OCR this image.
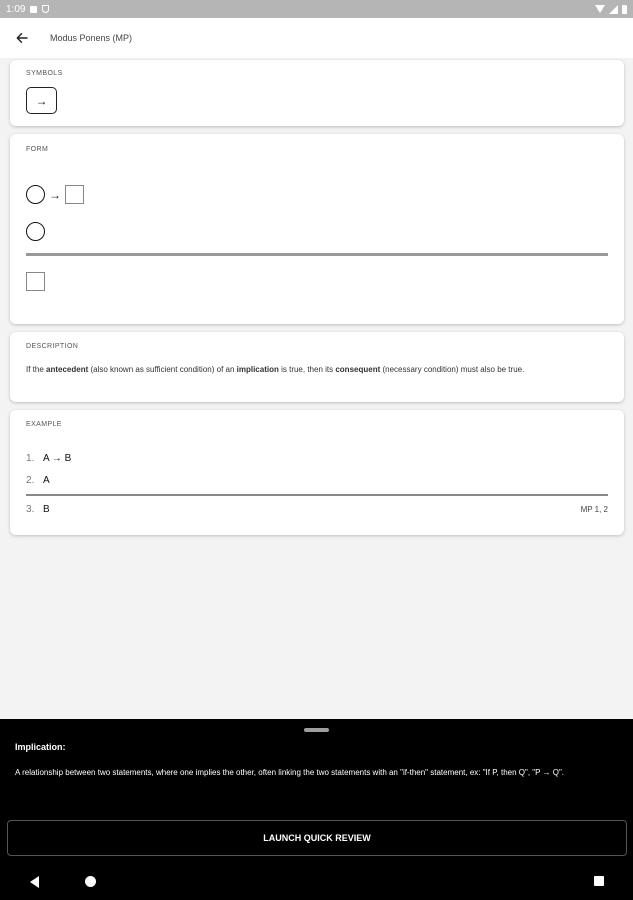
1:09
Modus Ponens (MP)
SYMBOLS
→
FORM
→
DESCRIPTION
If the antecedent (also known as sufficient condition) of an implication is true, then its consequent (necessary condition) must also be true.
EXAMPLE
1. A → B
2. A
3. B	MP 1, 2
Implication:
A relationship between two statements, where one implies the other, often linking the two statements with an "if-then" statement, ex: "If P, then Q", "P → Q".
LAUNCH QUICK REVIEW
